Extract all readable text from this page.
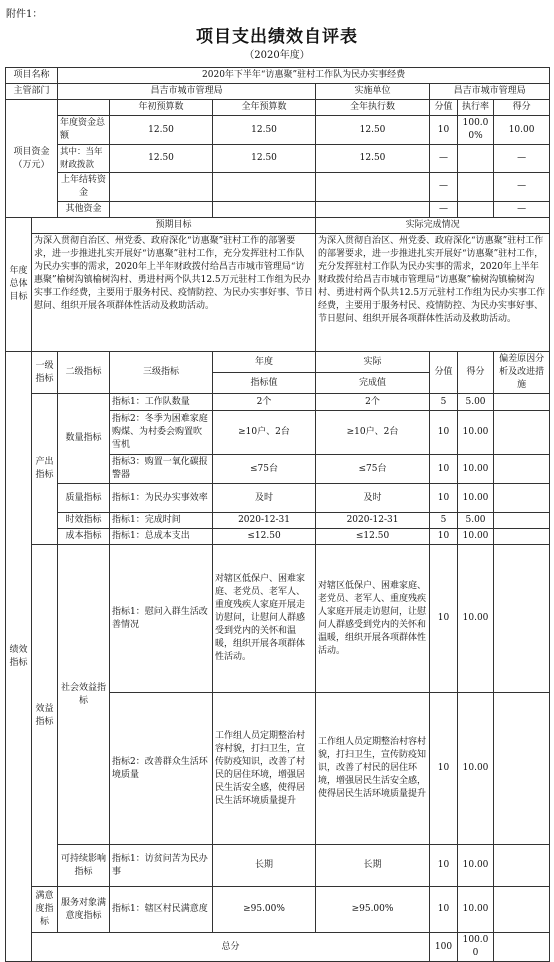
附件1：
项目支出绩效自评表
（2020年度）
项目名称		2020年下半年“访惠聚”驻村工作队为民办实事经费						
主管部门		昌吉市城市管理局			实施单位	昌吉市城市管理局		
项目资金（万元）			年初预算数	全年预算数	全年执行数	分值	执行率	得分
		年度资金总额	12.50	12.50	12.50	10	100.00%	10.00
		其中：当年财政拨款	12.50	12.50	12.50	—		—
		上年结转资金				—		—
		其他资金				—		—
年度总体目标	预期目标				实际完成情况			
	为深入贯彻自治区、州党委、政府深化“访惠聚”驻村工作的部署要求，进一步推进扎实开展好“访惠聚”驻村工作，充分发挥驻村工作队为民办实事的需求，2020年上半年财政拨付给昌吉市城市管理局“访惠聚”榆树沟镇榆树沟村、勇进村两个队共12.5万元驻村工作组为民办实事工作经费，主要用于服务村民、疫情防控、为民办实事好事、节日慰问、组织开展各项群体性活动及救助活动。				为深入贯彻自治区、州党委、政府深化“访惠聚”驻村工作的部署要求，进一步推进扎实开展好“访惠聚”驻村工作，充分发挥驻村工作队为民办实事的需求，2020年上半年财政拨付给昌吉市城市管理局“访惠聚”榆树沟镇榆树沟村、勇进村两个队共12.5万元驻村工作组为民办实事工作经费，主要用于服务村民、疫情防控、为民办实事好事、节日慰问、组织开展各项群体性活动及救助活动。			
绩效指标	一级指标	二级指标	三级指标	年度	实际	分值	得分	偏差原因分析及改进措施
				指标值	完成值			
	产出指标	数量指标	指标1：工作队数量	2个	2个	5	5.00	
			指标2：冬季为困难家庭购煤、为村委会购置吹雪机	≥10户、2台	≥10户、2台	10	10.00	
			指标3：购置一氧化碳报警器	≤75台	≤75台	10	10.00	
		质量指标	指标1：为民办实事效率	及时	及时	10	10.00	
		时效指标	指标1：完成时间	2020-12-31	2020-12-31	5	5.00	
		成本指标	指标1：总成本支出	≤12.50	≤12.50	10	10.00	
	效益指标	社会效益指标	指标1：慰问入群生活改善情况	对辖区低保户、困难家庭、老党员、老军人、重度残疾人家庭开展走访慰问，让慰问人群感受到党内的关怀和温暖，组织开展各项群体性活动。	对辖区低保户、困难家庭、老党员、老军人、重度残疾人家庭开展走访慰问，让慰问人群感受到党内的关怀和温暖，组织开展各项群体性活动。	10	10.00	
			指标2：改善群众生活环境质量	工作组人员定期整治村容村貌，打扫卫生，宣传防疫知识，改善了村民的居住环境，增强居民生活安全感，使得居民生活环境质量提升	工作组人员定期整治村容村貌，打扫卫生，宣传防疫知识，改善了村民的居住环境，增强居民生活安全感，使得居民生活环境质量提升	10	10.00	
		可持续影响指标	指标1：访贫问苦为民办事	长期	长期	10	10.00	
	满意度指标	服务对象满意度指标	指标1：辖区村民满意度	≥95.00%	≥95.00%	10	10.00	
	总分					100	100.00	
